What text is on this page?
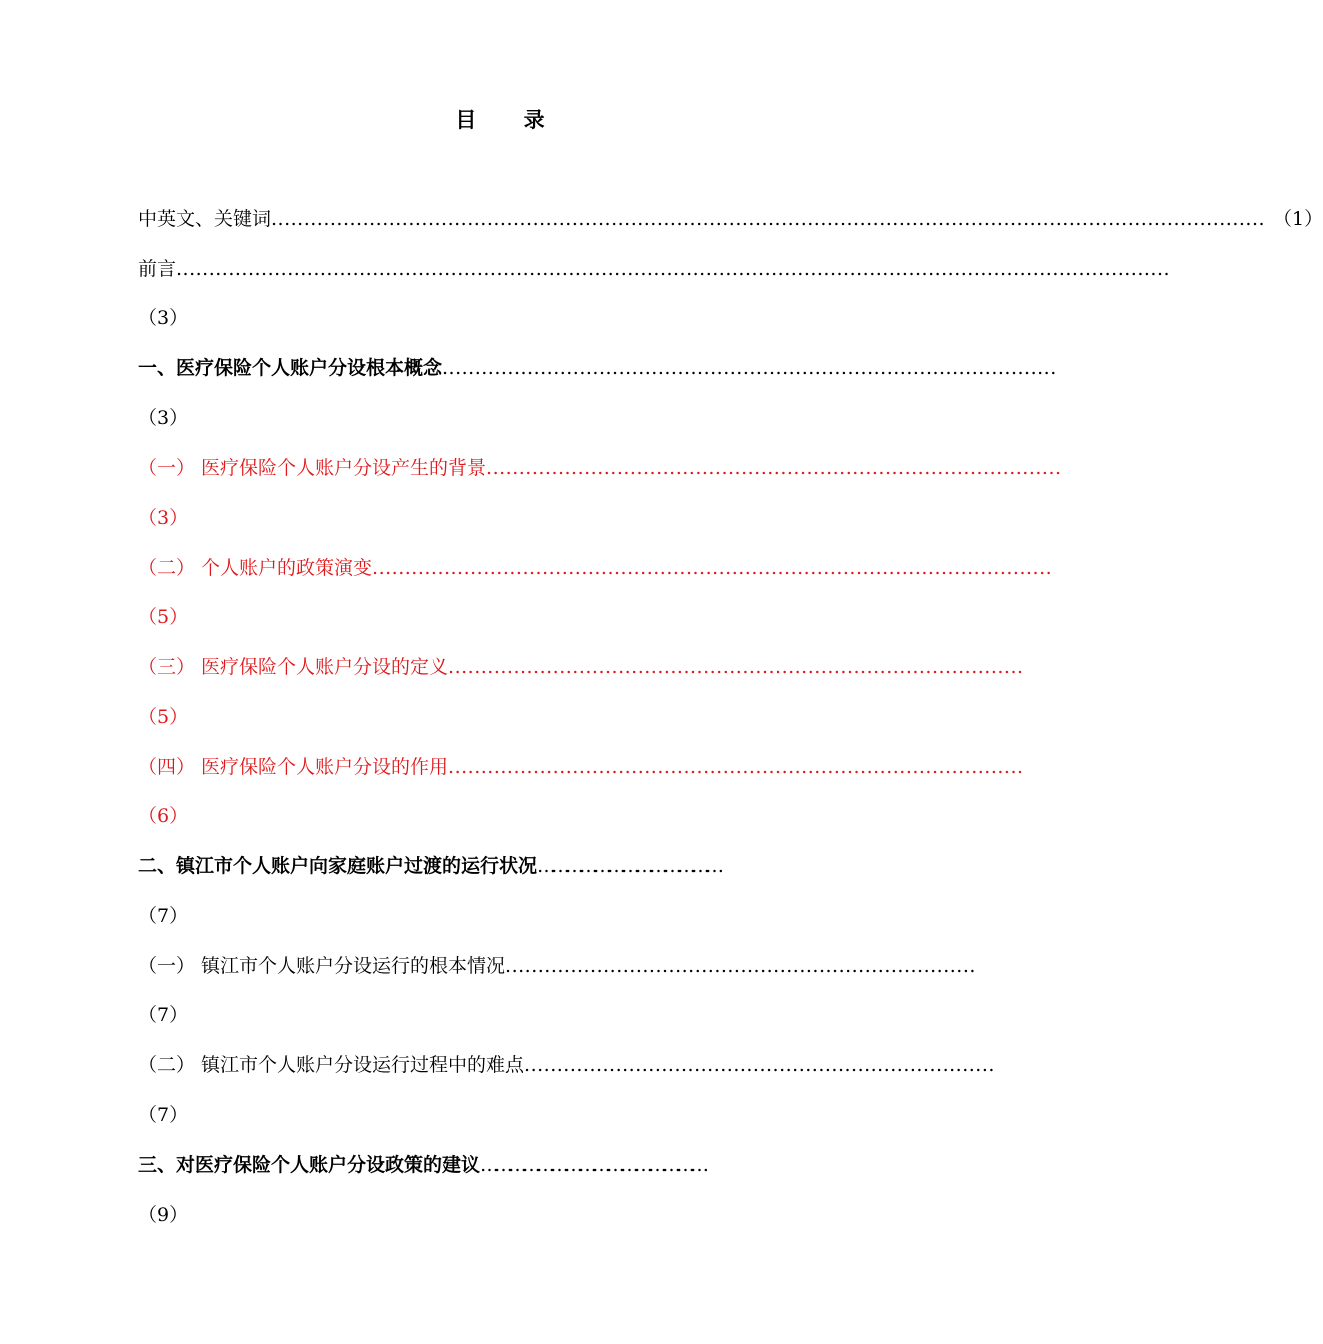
目 录
中英文、关键词 ........................................................................................................................................................ （1）
前言 ........................................................................................................................................................
（3）
一、医疗保险个人账户分设根本概念 ..............................................................................................
（3）
（一） 医疗保险个人账户分设产生的背景 ........................................................................................
（3）
（二） 个人账户的政策演变 ........................................................................................................
（5）
（三） 医疗保险个人账户分设的定义 ........................................................................................
（5）
（四） 医疗保险个人账户分设的作用 ........................................................................................
（6）
二、镇江市个人账户向家庭账户过渡的运行状况 …………………………………
（7）
（一） 镇江市个人账户分设运行的根本情况 ........................................................................
（7）
（二） 镇江市个人账户分设运行过程中的难点 ........................................................................
（7）
三、对医疗保险个人账户分设政策的建议 …………………………………………
（9）
